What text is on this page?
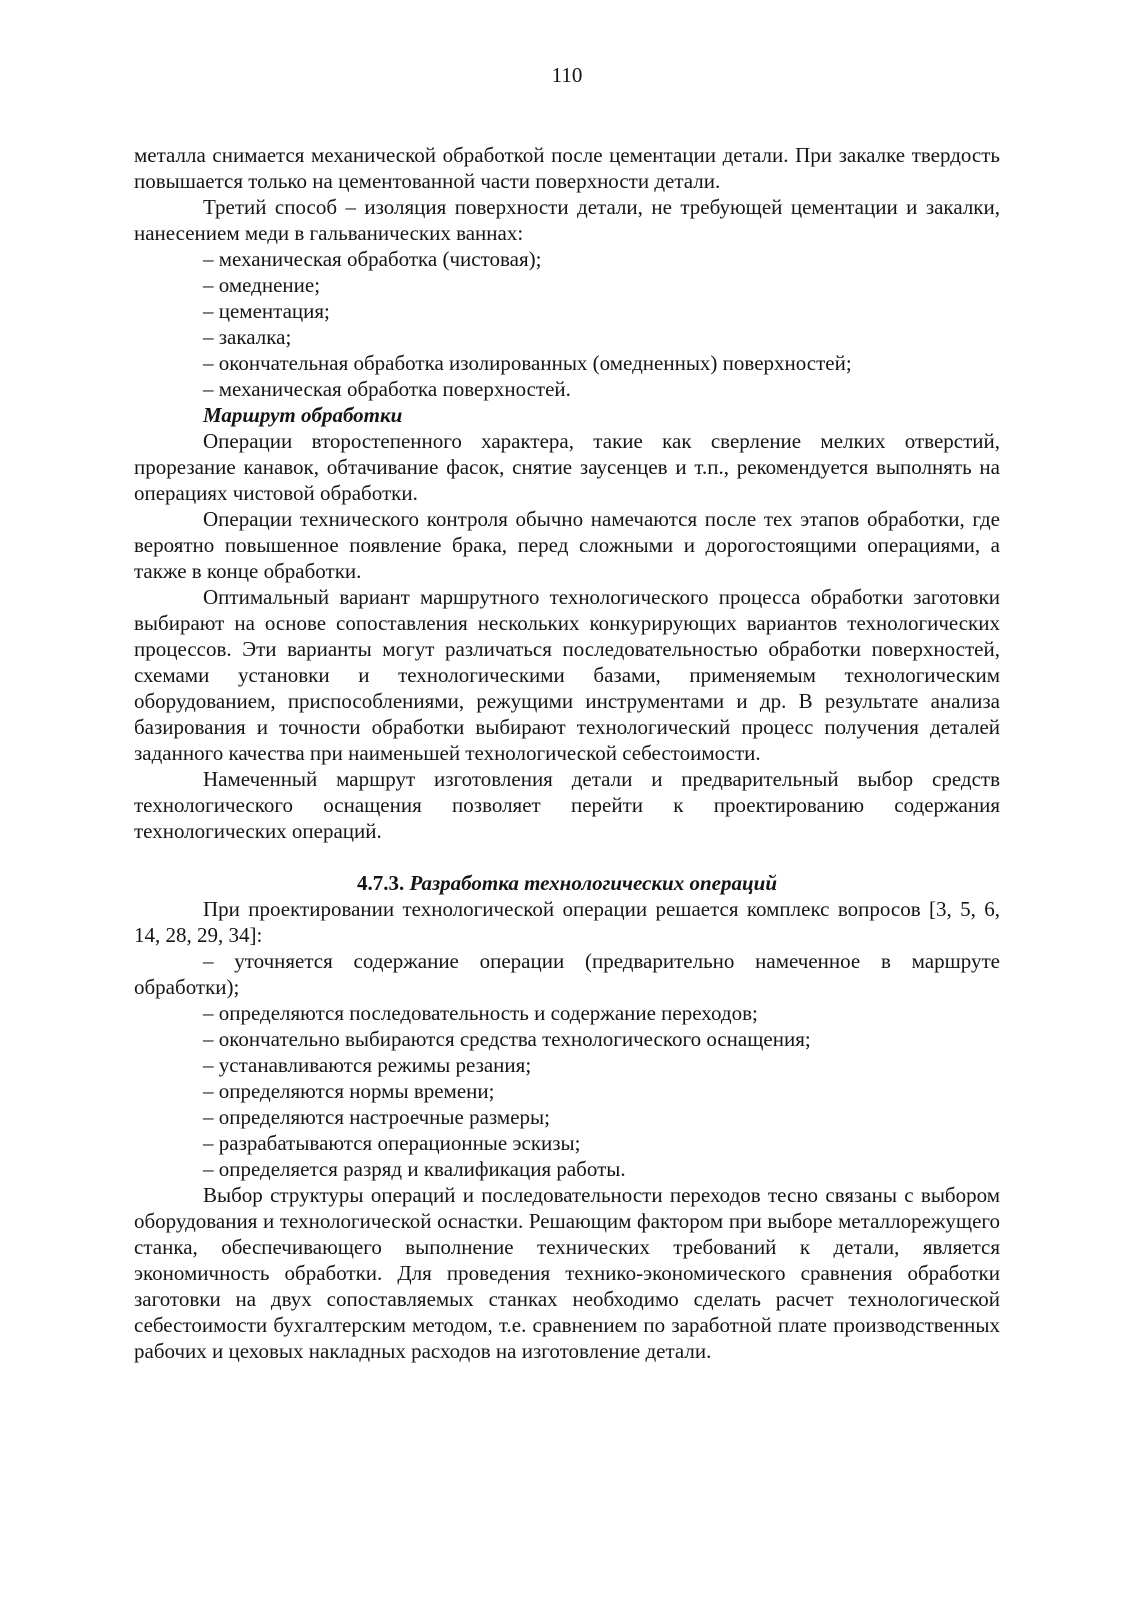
110

металла снимается механической обработкой после цементации детали. При закалке твердость повышается только на цементованной части поверхности детали.

Третий способ – изоляция поверхности детали, не требующей цементации и закалки, нанесением меди в гальванических ваннах:

– механическая обработка (чистовая);

– омеднение;

– цементация;

– закалка;

– окончательная обработка изолированных (омедненных) поверхностей;

– механическая обработка поверхностей.

Маршрут обработки

Операции второстепенного характера, такие как сверление мелких отверстий, прорезание канавок, обтачивание фасок, снятие заусенцев и т.п., рекомендуется выполнять на операциях чистовой обработки.

Операции технического контроля обычно намечаются после тех этапов обработки, где вероятно повышенное появление брака, перед сложными и дорогостоящими операциями, а также в конце обработки.

Оптимальный вариант маршрутного технологического процесса обработки заготовки выбирают на основе сопоставления нескольких конкурирующих вариантов технологических процессов. Эти варианты могут различаться последовательностью обработки поверхностей, схемами установки и технологическими базами, применяемым технологическим оборудованием, приспособлениями, режущими инструментами и др. В результате анализа базирования и точности обработки выбирают технологический процесс получения деталей заданного качества при наименьшей технологической себестоимости.

Намеченный маршрут изготовления детали и предварительный выбор средств технологического оснащения позволяет перейти к проектированию содержания технологических операций.

4.7.3. Разработка технологических операций

При проектировании технологической операции решается комплекс вопросов [3, 5, 6, 14, 28, 29, 34]:

– уточняется содержание операции (предварительно намеченное в маршруте обработки);

– определяются последовательность и содержание переходов;

– окончательно выбираются средства технологического оснащения;

– устанавливаются режимы резания;

– определяются нормы времени;

– определяются настроечные размеры;

– разрабатываются операционные эскизы;

– определяется разряд и квалификация работы.

Выбор структуры операций и последовательности переходов тесно связаны с выбором оборудования и технологической оснастки. Решающим фактором при выборе металлорежущего станка, обеспечивающего выполнение технических требований к детали, является экономичность обработки. Для проведения технико-экономического сравнения обработки заготовки на двух сопоставляемых станках необходимо сделать расчет технологической себестоимости бухгалтерским методом, т.е. сравнением по заработной плате производственных рабочих и цеховых накладных расходов на изготовление детали.
